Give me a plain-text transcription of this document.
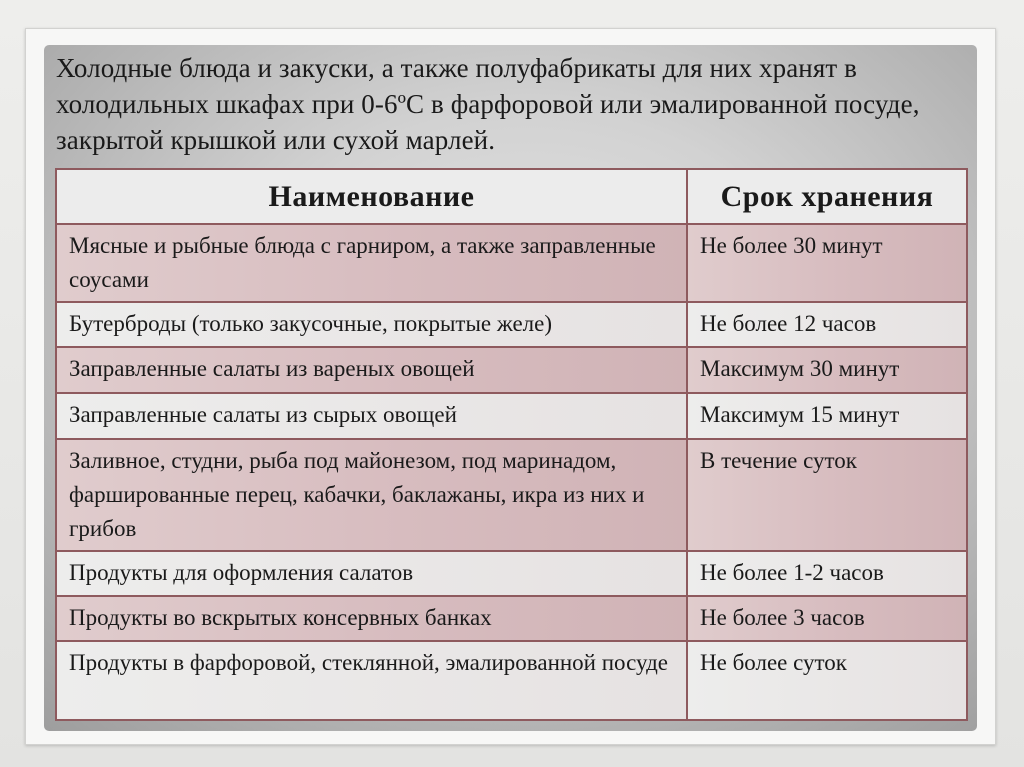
Холодные блюда и закуски, а также полуфабрикаты для них хранят в холодильных шкафах при 0-6ºС в фарфоровой или эмалированной посуде, закрытой крышкой или сухой марлей.

Наименование	Срок хранения
Мясные и рыбные блюда с гарниром, а также заправленные соусами	Не более 30 минут
Бутерброды (только закусочные, покрытые желе)	Не более 12 часов
Заправленные салаты из вареных овощей	Максимум 30 минут
Заправленные салаты из сырых овощей	Максимум 15 минут
Заливное, студни, рыба под майонезом, под маринадом, фаршированные перец, кабачки, баклажаны, икра из них и грибов	В течение суток
Продукты для оформления салатов	Не более 1-2 часов
Продукты во вскрытых консервных банках	Не более 3 часов
Продукты в фарфоровой, стеклянной, эмалированной посуде	Не более суток
